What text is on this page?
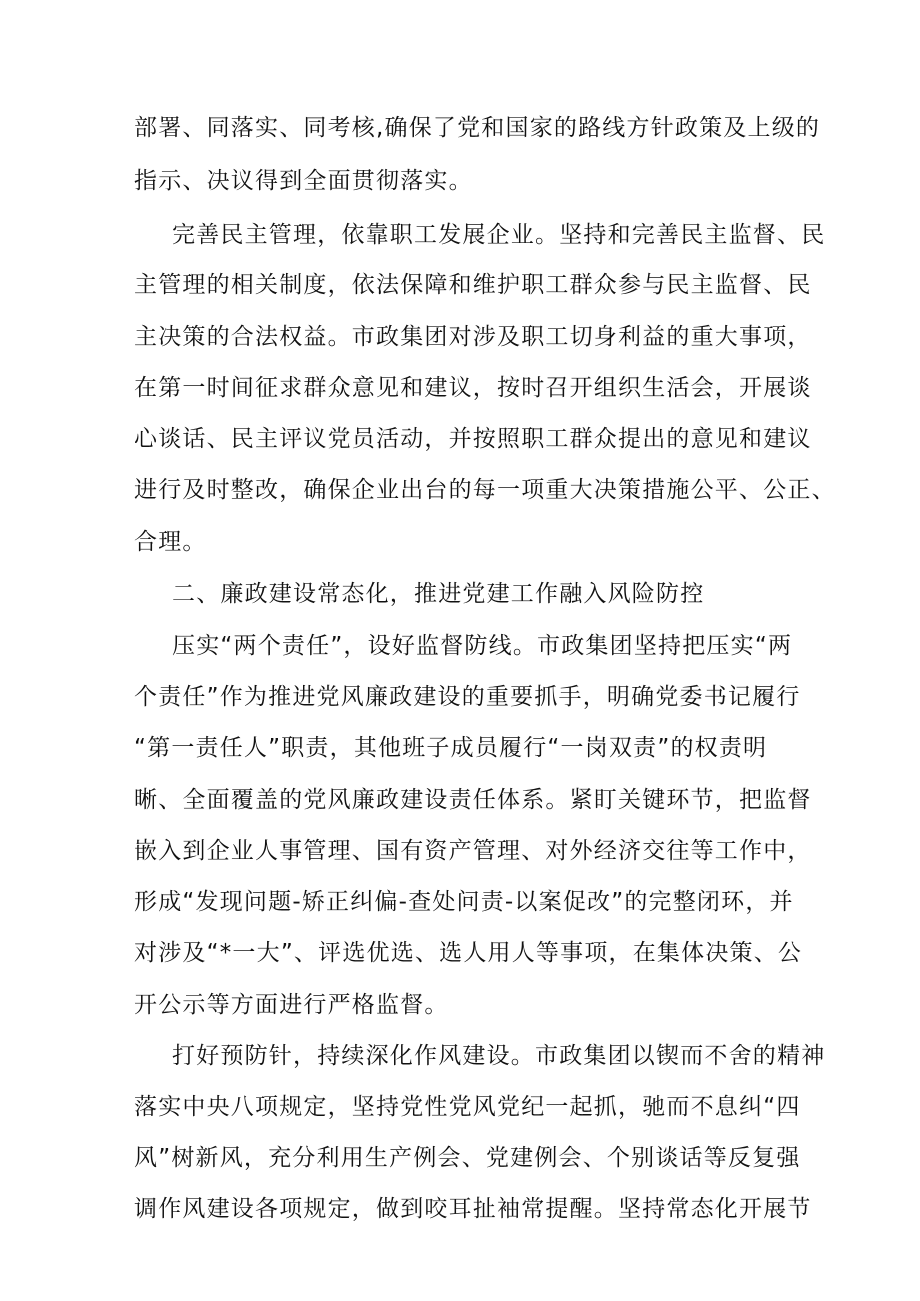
部署、同落实、同考核,确保了党和国家的路线方针政策及上级的
指示、决议得到全面贯彻落实。
完善民主管理，依靠职工发展企业。坚持和完善民主监督、民
主管理的相关制度，依法保障和维护职工群众参与民主监督、民
主决策的合法权益。市政集团对涉及职工切身利益的重大事项，
在第一时间征求群众意见和建议，按时召开组织生活会，开展谈
心谈话、民主评议党员活动，并按照职工群众提出的意见和建议
进行及时整改，确保企业出台的每一项重大决策措施公平、公正、
合理。
二、廉政建设常态化，推进党建工作融入风险防控
压实“两个责任”，设好监督防线。市政集团坚持把压实“两
个责任”作为推进党风廉政建设的重要抓手，明确党委书记履行
“第一责任人”职责，其他班子成员履行“一岗双责”的权责明
晰、全面覆盖的党风廉政建设责任体系。紧盯关键环节，把监督
嵌入到企业人事管理、国有资产管理、对外经济交往等工作中，
形成“发现问题-矫正纠偏-查处问责-以案促改”的完整闭环，并
对涉及“*一大”、评选优选、选人用人等事项，在集体决策、公
开公示等方面进行严格监督。
打好预防针，持续深化作风建设。市政集团以锲而不舍的精神
落实中央八项规定，坚持党性党风党纪一起抓，驰而不息纠“四
风”树新风，充分利用生产例会、党建例会、个别谈话等反复强
调作风建设各项规定，做到咬耳扯袖常提醒。坚持常态化开展节
